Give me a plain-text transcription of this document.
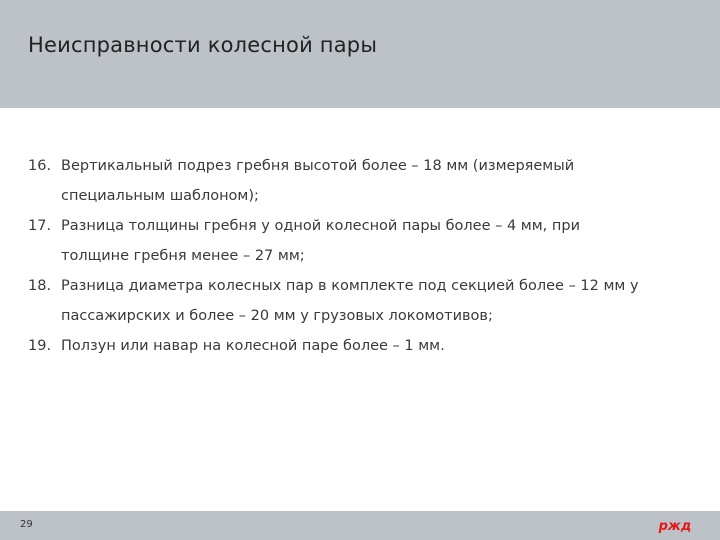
Неисправности колесной пары
16. Вертикальный подрез гребня высотой более – 18 мм (измеряемый
специальным шаблоном);
17. Разница толщины гребня у одной колесной пары более – 4 мм, при
толщине гребня менее – 27 мм;
18. Разница диаметра колесных пар в комплекте под секцией более – 12 мм у
пассажирских и более – 20 мм у грузовых локомотивов;
19. Ползун или навар на колесной паре более – 1 мм.
29	ржд
